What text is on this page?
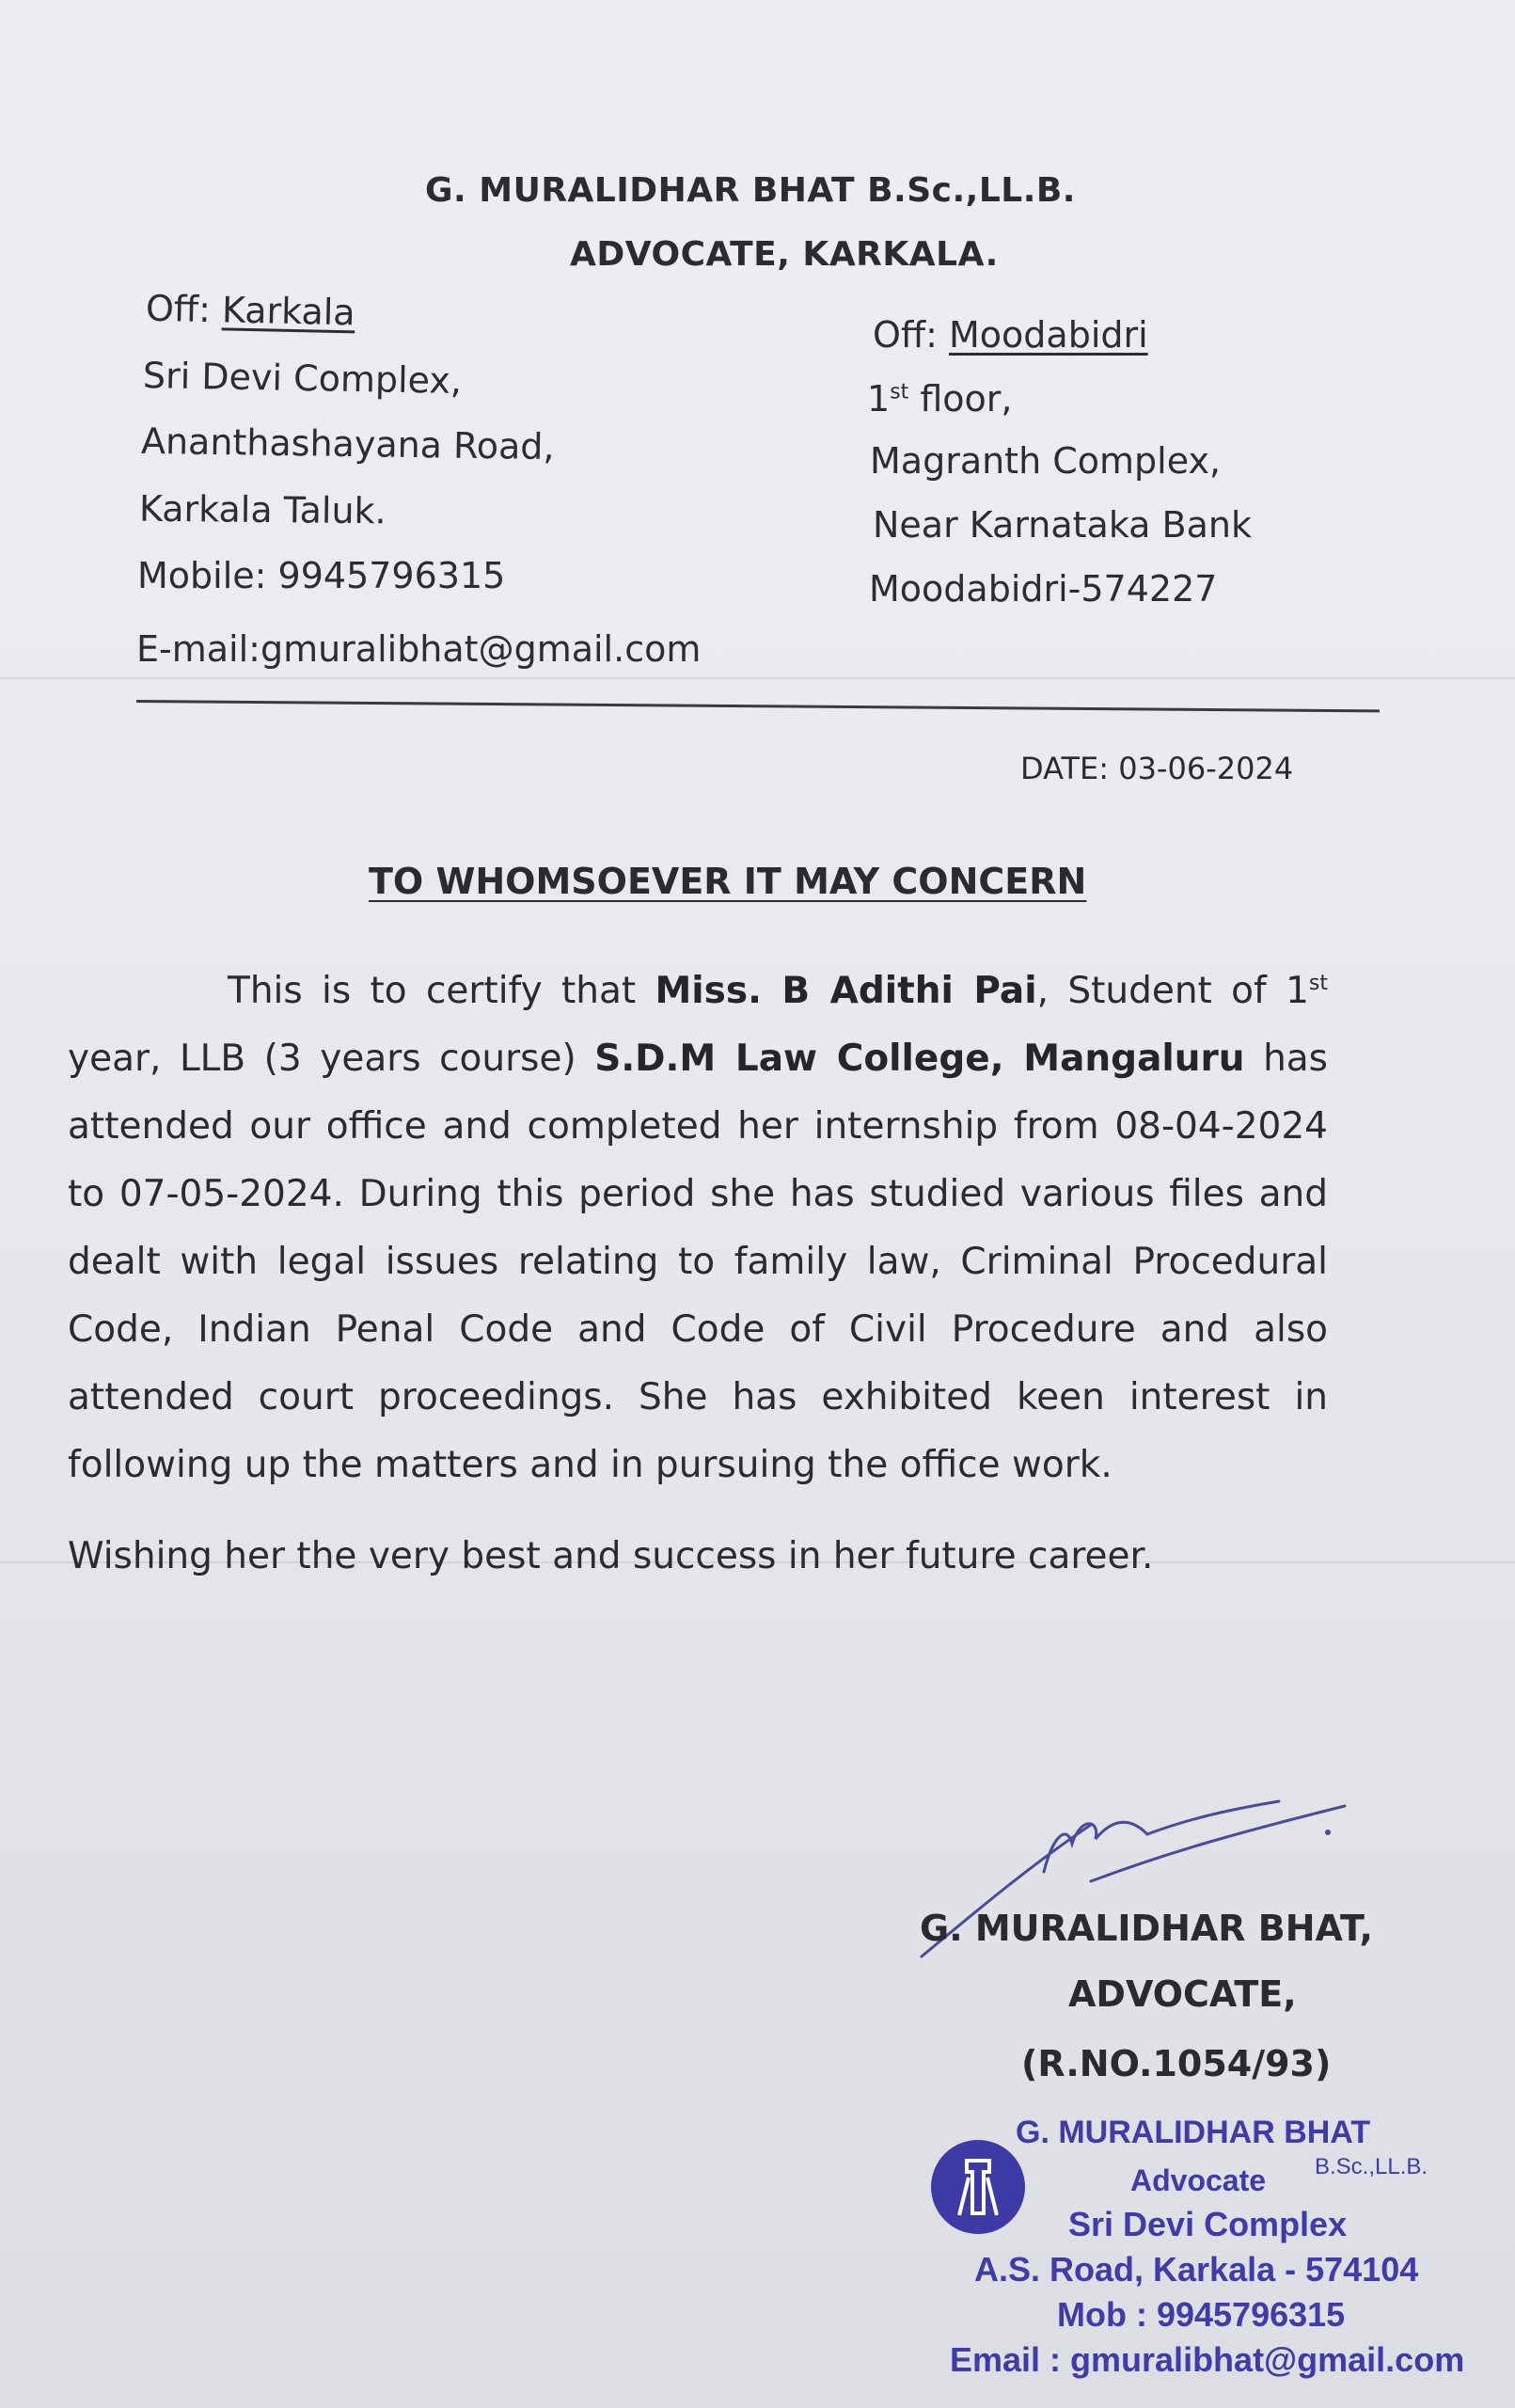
G. MURALIDHAR BHAT B.Sc.,LL.B.
ADVOCATE, KARKALA.
Off: Karkala
Sri Devi Complex,
Ananthashayana Road,
Karkala Taluk.
Mobile: 9945796315
E-mail:gmuralibhat@gmail.com
Off: Moodabidri
1st floor,
Magranth Complex,
Near Karnataka Bank
Moodabidri-574227
DATE: 03-06-2024
TO WHOMSOEVER IT MAY CONCERN

This is to certify that Miss. B Adithi Pai, Student of 1st year, LLB (3 years course) S.D.M Law College, Mangaluru has attended our office and completed her internship from 08-04-2024 to 07-05-2024. During this period she has studied various files and dealt with legal issues relating to family law, Criminal Procedural Code, Indian Penal Code and Code of Civil Procedure and also attended court proceedings. She has exhibited keen interest in following up the matters and in pursuing the office work.

Wishing her the very best and success in her future career.
G. MURALIDHAR BHAT,
ADVOCATE,
(R.NO.1054/93)
G. MURALIDHAR BHAT
Advocate B.Sc.,LL.B.
Sri Devi Complex
A.S. Road, Karkala - 574104
Mob : 9945796315
Email : gmuralibhat@gmail.com
